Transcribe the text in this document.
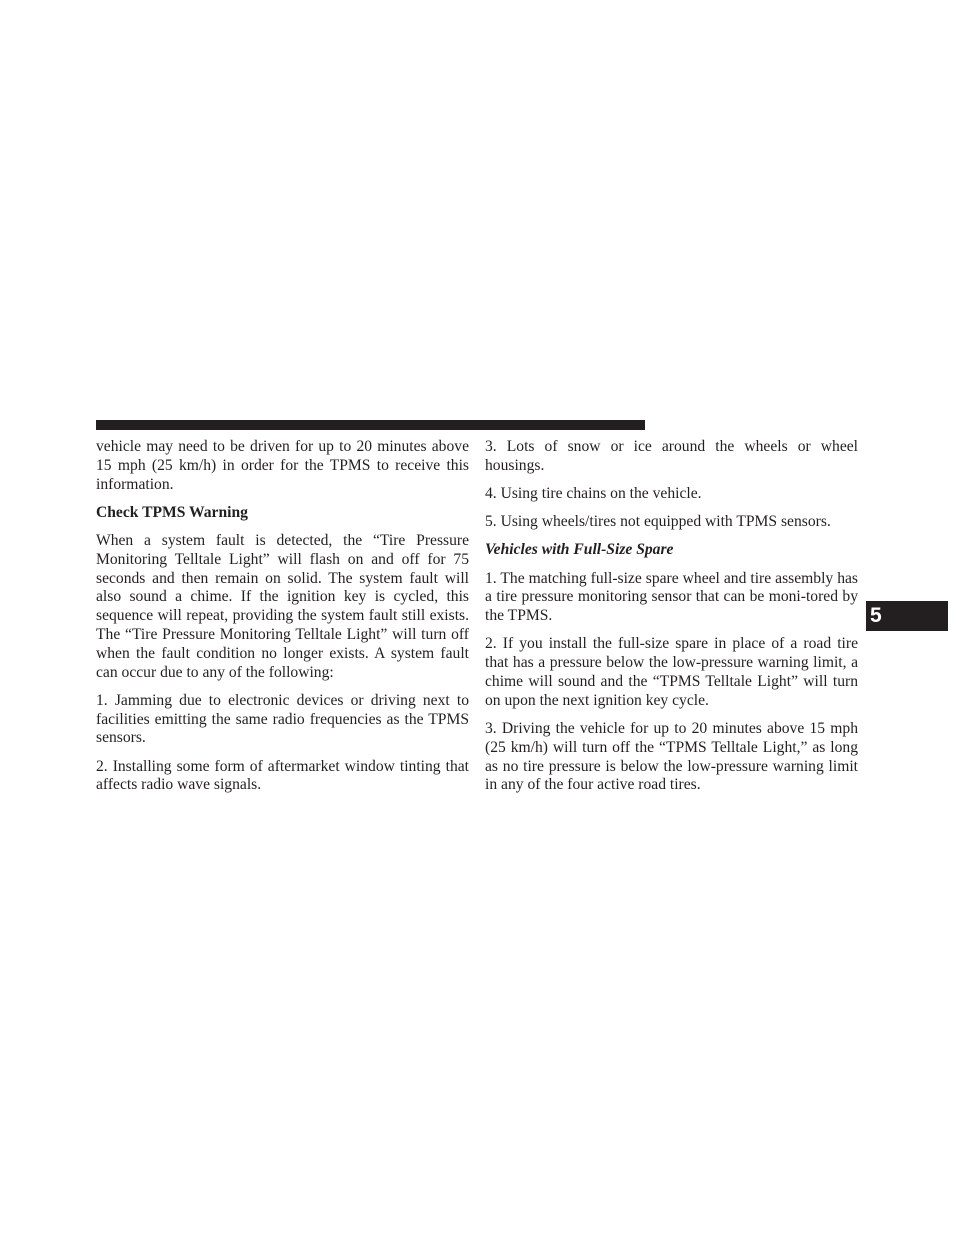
vehicle may need to be driven for up to 20 minutes above 15 mph (25 km/h) in order for the TPMS to receive this information.

Check TPMS Warning

When a system fault is detected, the “Tire Pressure Monitoring Telltale Light” will flash on and off for 75 seconds and then remain on solid. The system fault will also sound a chime. If the ignition key is cycled, this sequence will repeat, providing the system fault still exists. The “Tire Pressure Monitoring Telltale Light” will turn off when the fault condition no longer exists. A system fault can occur due to any of the following:

1. Jamming due to electronic devices or driving next to facilities emitting the same radio frequencies as the TPMS sensors.

2. Installing some form of aftermarket window tinting that affects radio wave signals.

3. Lots of snow or ice around the wheels or wheel housings.

4. Using tire chains on the vehicle.

5. Using wheels/tires not equipped with TPMS sensors.

Vehicles with Full-Size Spare

1. The matching full-size spare wheel and tire assembly has a tire pressure monitoring sensor that can be moni-tored by the TPMS.

2. If you install the full-size spare in place of a road tire that has a pressure below the low-pressure warning limit, a chime will sound and the “TPMS Telltale Light” will turn on upon the next ignition key cycle.

3. Driving the vehicle for up to 20 minutes above 15 mph (25 km/h) will turn off the “TPMS Telltale Light,” as long as no tire pressure is below the low-pressure warning limit in any of the four active road tires.

5
